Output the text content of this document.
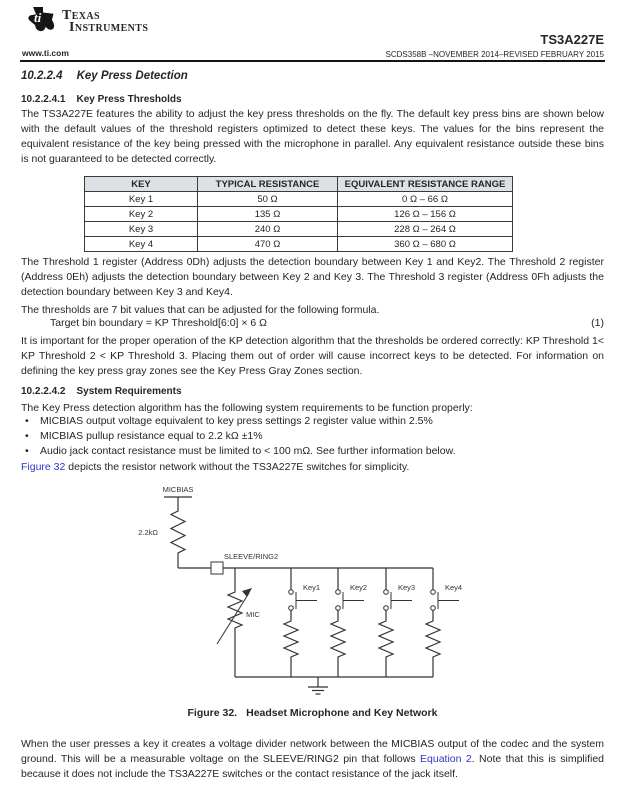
ti Texas
Instruments
TS3A227E
www.ti.com	SCDS358B –NOVEMBER 2014–REVISED FEBRUARY 2015
10.2.2.4 Key Press Detection
10.2.2.4.1 Key Press Thresholds

The TS3A227E features the ability to adjust the key press thresholds on the fly. The default key press bins are shown below with the default values of the threshold registers optimized to detect these keys. The values for the bins represent the equivalent resistance of the key being pressed with the microphone in parallel. Any equivalent resistance outside these bins is not guaranteed to be detected correctly.

KEY	TYPICAL RESISTANCE	EQUIVALENT RESISTANCE RANGE
Key 1	50 Ω	0 Ω – 66 Ω
Key 2	135 Ω	126 Ω – 156 Ω
Key 3	240 Ω	228 Ω – 264 Ω
Key 4	470 Ω	360 Ω – 680 Ω

The Threshold 1 register (Address 0Dh) adjusts the detection boundary between Key 1 and Key2. The Threshold 2 register (Address 0Eh) adjusts the detection boundary between Key 2 and Key 3. The Threshold 3 register (Address 0Fh adjusts the detection boundary between Key 3 and Key4.

The thresholds are 7 bit values that can be adjusted for the following formula.

(1)
Target bin boundary = KP Threshold[6:0] × 6 Ω

It is important for the proper operation of the KP detection algorithm that the thresholds be ordered correctly: KP Threshold 1< KP Threshold 2 < KP Threshold 3. Placing them out of order will cause incorrect keys to be detected. For information on defining the key press gray zones see the Key Press Gray Zones section.

10.2.2.4.2 System Requirements

The Key Press detection algorithm has the following system requirements to be function properly:

•	MICBIAS output voltage equivalent to key press settings 2 register value within 2.5%
•	MICBIAS pullup resistance equal to 2.2 kΩ ±1%
•	Audio jack contact resistance must be limited to < 100 mΩ. See further information below.

Figure 32 depicts the resistor network without the TS3A227E switches for simplicity.

MICBIAS
2.2kΩ
SLEEVE/RING2
MIC
Key1	Key2	Key3	Key4
Figure 32. Headset Microphone and Key Network

When the user presses a key it creates a voltage divider network between the MICBIAS output of the codec and the system ground. This will be a measurable voltage on the SLEEVE/RING2 pin that follows Equation 2. Note that this is simplified because it does not include the TS3A227E switches or the contact resistance of the jack itself.
